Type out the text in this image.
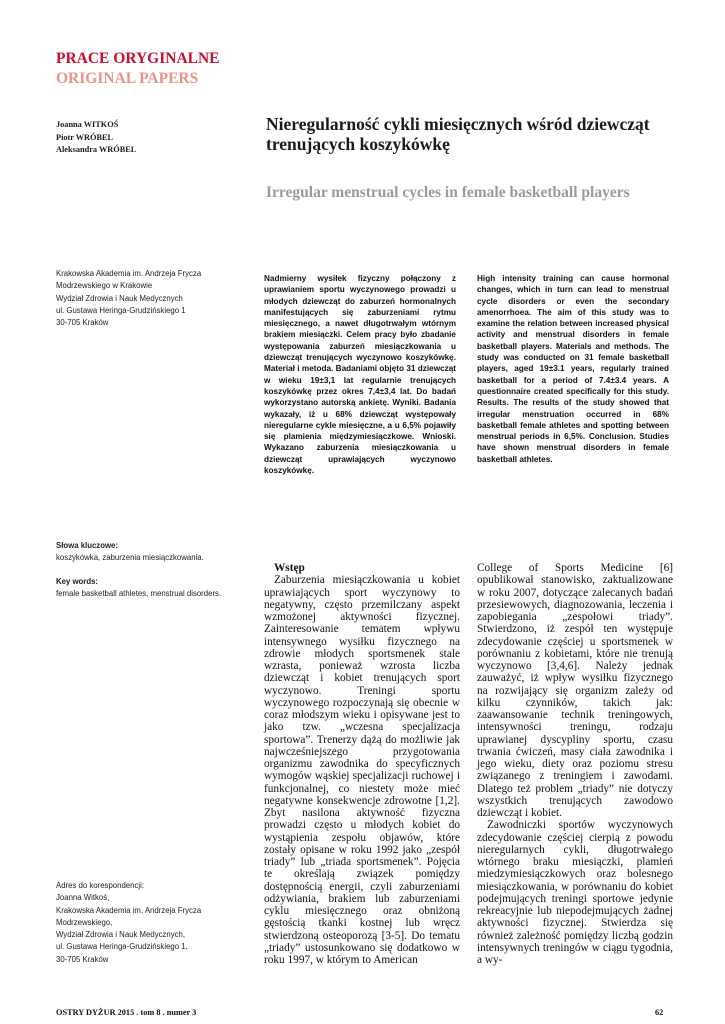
PRACE ORYGINALNE
ORIGINAL PAPERS
Joanna WITKOŚ
Piotr WRÓBEL
Aleksandra WRÓBEL
Nieregularność cykli miesięcznych wśród dziewcząt trenujących koszykówkę
Irregular menstrual cycles in female basketball players
Krakowska Akademia im. Andrzeja Frycza
Modrzewskiego w Krakowie
Wydział Zdrowia i Nauk Medycznych
ul. Gustawa Heringa-Grudzińskiego 1
30-705 Kraków
Nadmierny wysiłek fizyczny połączony z uprawianiem sportu wyczynowego prowadzi u młodych dziewcząt do zaburzeń hormonalnych manifestujących się zaburzeniami rytmu miesięcznego, a nawet długotrwałym wtórnym brakiem miesiączki. Celem pracy było zbadanie występowania zaburzeń miesiączkowania u dziewcząt trenujących wyczynowo koszykówkę. Materiał i metoda. Badaniami objęto 31 dziewcząt w wieku 19±3,1 lat regularnie trenujących koszykówkę przez okres 7,4±3,4 lat. Do badań wykorzystano autorską ankietę. Wyniki. Badania wykazały, iż u 68% dziewcząt występowały nieregularne cykle miesięczne, a u 6,5% pojawiły się plamienia międzymiesiączkowe. Wnioski. Wykazano zaburzenia miesiączkowania u dziewcząt uprawiających wyczynowo koszykówkę.
High intensity training can cause hormonal changes, which in turn can lead to menstrual cycle disorders or even the secondary amenorrhoea. The aim of this study was to examine the relation between increased physical activity and menstrual disorders in female basketball players. Materials and methods. The study was conducted on 31 female basketball players, aged 19±3.1 years, regularly trained basketball for a period of 7.4±3.4 years. A questionnaire created specifically for this study. Results. The results of the study showed that irregular menstruation occurred in 68% basketball female athletes and spotting between menstrual periods in 6,5%. Conclusion. Studies have shown menstrual disorders in female basketball athletes.
Słowa kluczowe:
koszykówka, zaburzenia miesiączkowania.
Key words:
female basketball athletes, menstrual disorders.
Adres do korespondencji:
Joanna Witkoś,
Krakowska Akademia im. Andrzeja Frycza
Modrzewskiego,
Wydział Zdrowia i Nauk Medycznych,
ul. Gustawa Heringa-Grudzińskiego 1,
30-705 Kraków
Wstęp

Zaburzenia miesiączkowania u kobiet uprawiających sport wyczynowy to negatywny, często przemilczany aspekt wzmożonej aktywności fizycznej. Zainteresowanie tematem wpływu intensywnego wysiłku fizycznego na zdrowie młodych sportsmenek stale wzrasta, ponieważ wzrosta liczba dziewcząt i kobiet trenujących sport wyczynowo. Treningi sportu wyczynowego rozpoczynają się obecnie w coraz młodszym wieku i opisywane jest to jako tzw. „wczesna specjalizacja sportowa”. Trenerzy dążą do możliwie jak najwcześniejszego przygotowania organizmu zawodnika do specyficznych wymogów wąskiej specjalizacji ruchowej i funkcjonalnej, co niestety może mieć negatywne konsekwencje zdrowotne [1,2]. Zbyt nasilona aktywność fizyczna prowadzi często u młodych kobiet do wystąpienia zespołu objawów, które zostały opisane w roku 1992 jako „zespół triady” lub „triada sportsmenek”. Pojęcia te określają związek pomiędzy dostępnością energii, czyli zaburzeniami odżywiania, brakiem lub zaburzeniami cyklu miesięcznego oraz obniżoną gęstością tkanki kostnej lub wręcz stwierdzoną osteoporozą [3-5]. Do tematu „triady” ustosunkowano się dodatkowo w roku 1997, w którym to American

College of Sports Medicine [6] opublikował stanowisko, zaktualizowane w roku 2007, dotyczące zalecanych badań przesiewowych, diagnozowania, leczenia i zapobiegania „zespołowi triady”. Stwierdzono, iż zespół ten występuje zdecydowanie częściej u sportsmenek w porównaniu z kobietami, które nie trenują wyczynowo [3,4,6]. Należy jednak zauważyć, iż wpływ wysiłku fizycznego na rozwijający się organizm zależy od kilku czynników, takich jak: zaawansowanie technik treningowych, intensywności treningu, rodzaju uprawianej dyscypliny sportu, czasu trwania ćwiczeń, masy ciała zawodnika i jego wieku, diety oraz poziomu stresu związanego z treningiem i zawodami. Dlatego też problem „triady” nie dotyczy wszystkich trenujących zawodowo dziewcząt i kobiet.

Zawodniczki sportów wyczynowych zdecydowanie częściej cierpią z powodu nieregularnych cykli, długotrwałego wtórnego braku miesiączki, plamień miedzymiesiączkowych oraz bolesnego miesiączkowania, w porównaniu do kobiet podejmujących treningi sportowe jedynie rekreacyjnie lub niepodejmujących żadnej aktywności fizycznej. Stwierdza się również zależność pomiędzy liczbą godzin intensywnych treningów w ciągu tygodnia, a wy-

OSTRY DYŻUR 2015 . tom 8 . numer 3	62
